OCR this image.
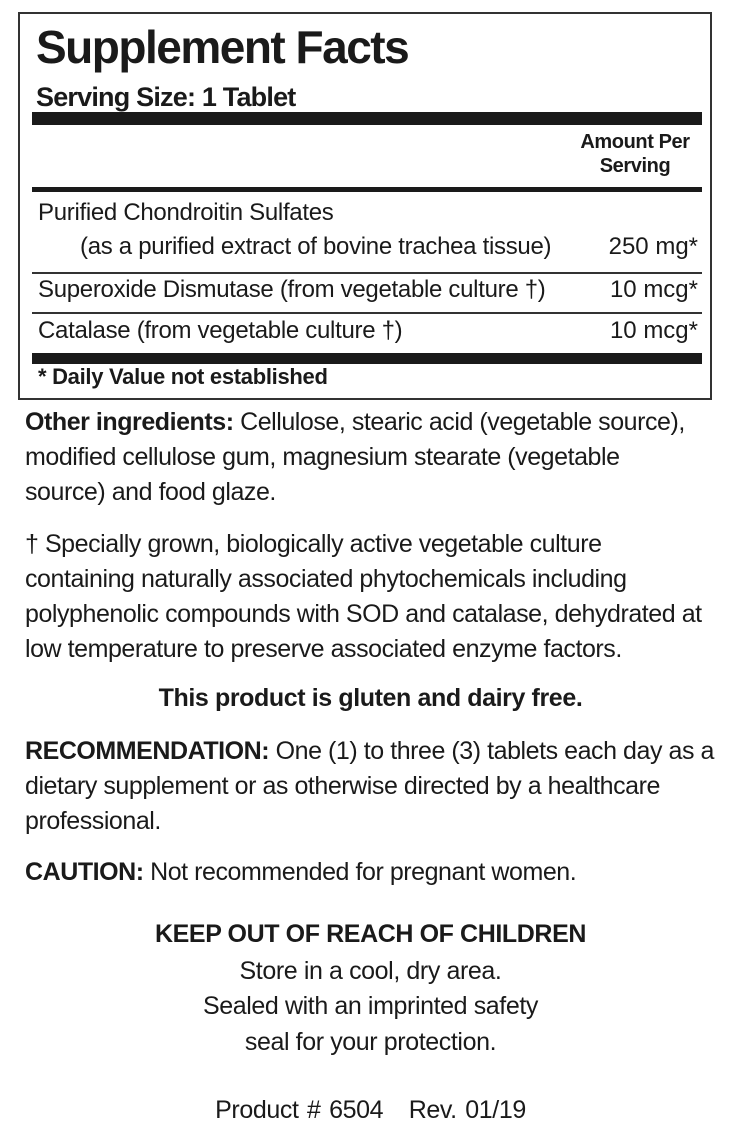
Supplement Facts
Serving Size: 1 Tablet
Amount Per
Serving
Purified Chondroitin Sulfates
(as a purified extract of bovine trachea tissue) 250 mg*
Superoxide Dismutase (from vegetable culture †)	10 mcg*
Catalase (from vegetable culture †)	10 mcg*
* Daily Value not established
Other ingredients: Cellulose, stearic acid (vegetable source),
modified cellulose gum, magnesium stearate (vegetable
source) and food glaze.
† Specially grown, biologically active vegetable culture
containing naturally associated phytochemicals including
polyphenolic compounds with SOD and catalase, dehydrated at
low temperature to preserve associated enzyme factors.
This product is gluten and dairy free.
RECOMMENDATION: One (1) to three (3) tablets each day as a
dietary supplement or as otherwise directed by a healthcare
professional.
CAUTION: Not recommended for pregnant women.
KEEP OUT OF REACH OF CHILDREN
Store in a cool, dry area.
Sealed with an imprinted safety
seal for your protection.
Product # 6504 Rev. 01/19
